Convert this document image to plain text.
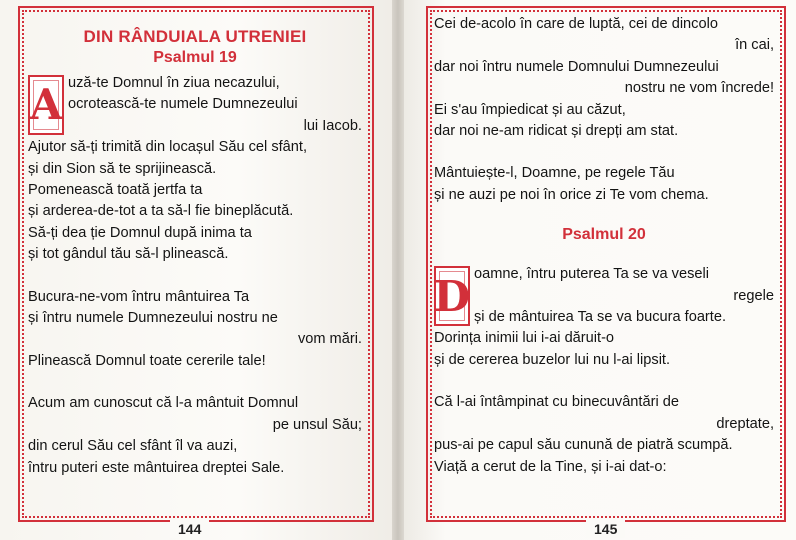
DIN RÂNDUIALA UTRENIEI
Psalmul 19
A uză-te Domnul în ziua necazului,
ocrotească-te numele Dumnezeului
lui Iacob.
Ajutor să-ți trimită din locașul Său cel sfânt,
și din Sion să te sprijinească.
Pomenească toată jertfa ta
și arderea-de-tot a ta să-l fie bineplăcută.
Să-ți dea ție Domnul după inima ta
și tot gândul tău să-l plinească.
Bucura-ne-vom întru mântuirea Ta
și întru numele Dumnezeului nostru ne
vom mări.
Plinească Domnul toate cererile tale!
Acum am cunoscut că l-a mântuit Domnul
pe unsul Său;
din cerul Său cel sfânt îl va auzi,
întru puteri este mântuirea dreptei Sale.
144
Cei de-acolo în care de luptă, cei de dincolo
în cai,
dar noi întru numele Domnului Dumnezeului
nostru ne vom încrede!
Ei s'au împiedicat și au căzut,
dar noi ne-am ridicat și drepți am stat.
Mântuiește-l, Doamne, pe regele Tău
și ne auzi pe noi în orice zi Te vom chema.
Psalmul 20
D oamne, întru puterea Ta se va veseli
regele
și de mântuirea Ta se va bucura foarte.
Dorința inimii lui i-ai dăruit-o
și de cererea buzelor lui nu l-ai lipsit.
Că l-ai întâmpinat cu binecuvântări de
dreptate,
pus-ai pe capul său cunună de piatră scumpă.
Viață a cerut de la Tine, și i-ai dat-o:
145
